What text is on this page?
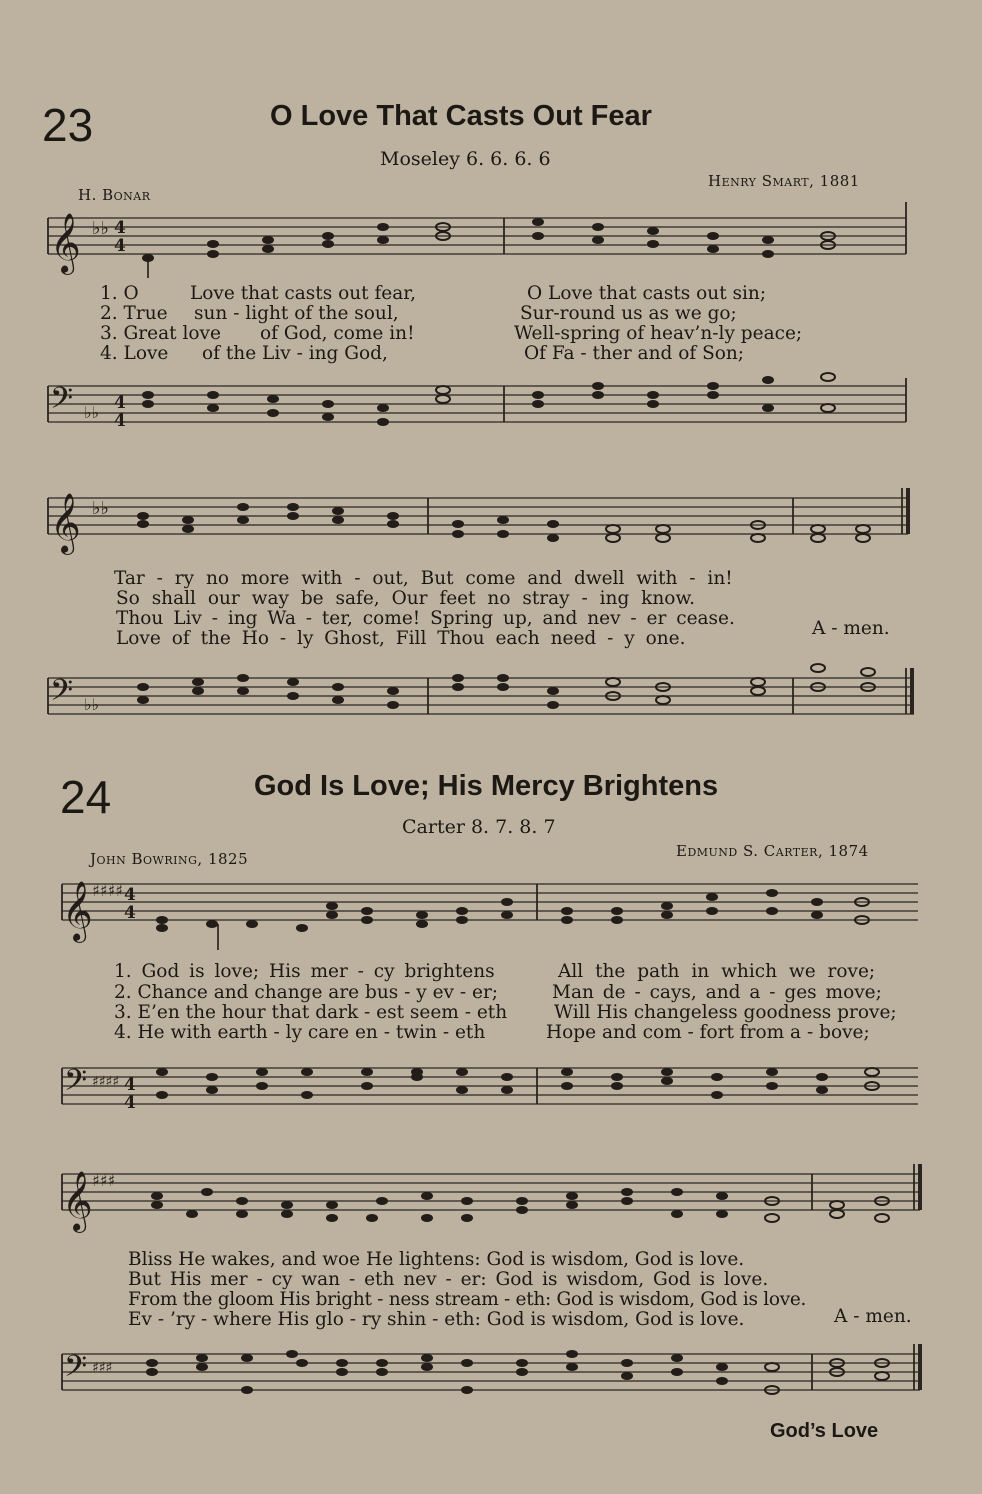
23	O Love That Casts Out Fear
Moseley 6. 6. 6. 6
H. Bonar
Henry Smart, 1881
𝄞 ♭♭ 4
4
1. O	Love that casts out fear,	O Love that casts out sin;
2. True sun - light of the soul,	Sur-round us as we go;
3. Great love of God, come in!	Well-spring of heav’n-ly peace;
4. Love of the Liv - ing God,	Of Fa - ther and of Son;
𝄢 ♭♭ 4
4
𝄞 ♭♭
Tar - ry no more with - out, But come and dwell with - in!
So shall our way be safe, Our feet no stray - ing know.
Thou Liv - ing Wa - ter, come! Spring up, and nev - er cease.
Love of the Ho - ly Ghost, Fill Thou each need - y one.	A - men.
𝄢 ♭♭
24	God Is Love; His Mercy Brightens
Carter 8. 7. 8. 7
John Bowring, 1825	Edmund S. Carter, 1874
𝄞 ♯♯♯♯ 4
4
1. God is love; His mer - cy brightens	All the path in which we rove;
2. Chance and change are bus - y ev - er;	Man de - cays, and a - ges move;
3. E’en the hour that dark - est seem - eth	Will His changeless goodness prove;
4. He with earth - ly care en - twin - eth	Hope and com - fort from a - bove;
𝄢 ♯♯♯♯ 4
4
𝄞 ♯♯♯
Bliss He wakes, and woe He lightens: God is wisdom, God is love.
But His mer - cy wan - eth nev - er: God is wisdom, God is love.
From the gloom His bright - ness stream - eth: God is wisdom, God is love.
Ev - ’ry - where His glo - ry shin - eth: God is wisdom, God is love.	A - men.
𝄢 ♯♯♯
God’s Love
